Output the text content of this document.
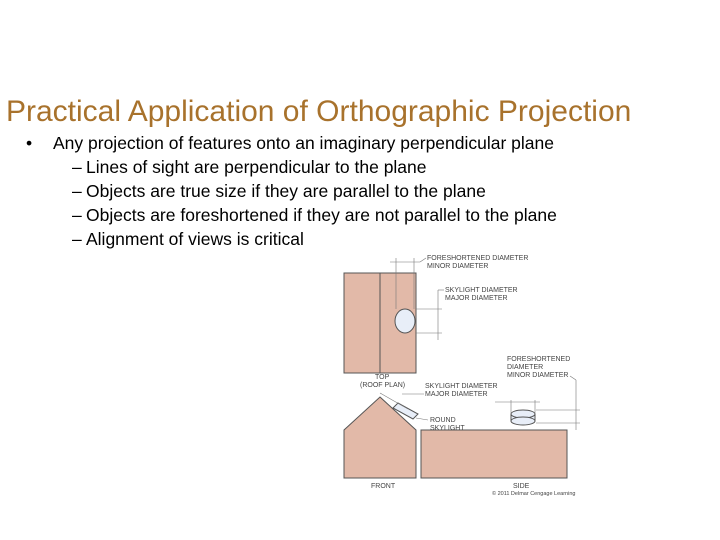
Practical Application of Orthographic Projection
• Any projection of features onto an imaginary perpendicular plane
– Lines of sight are perpendicular to the plane
– Objects are true size if they are parallel to the plane
– Objects are foreshortened if they are not parallel to the plane
– Alignment of views is critical
FORESHORTENED DIAMETER
MINOR DIAMETER
SKYLIGHT DIAMETER
MAJOR DIAMETER
FORESHORTENED
DIAMETER
MINOR DIAMETER
TOP
(ROOF PLAN)	SKYLIGHT DIAMETER
MAJOR DIAMETER
ROUND
SKYLIGHT
FRONT	SIDE
© 2011 Delmar Cengage Learning
